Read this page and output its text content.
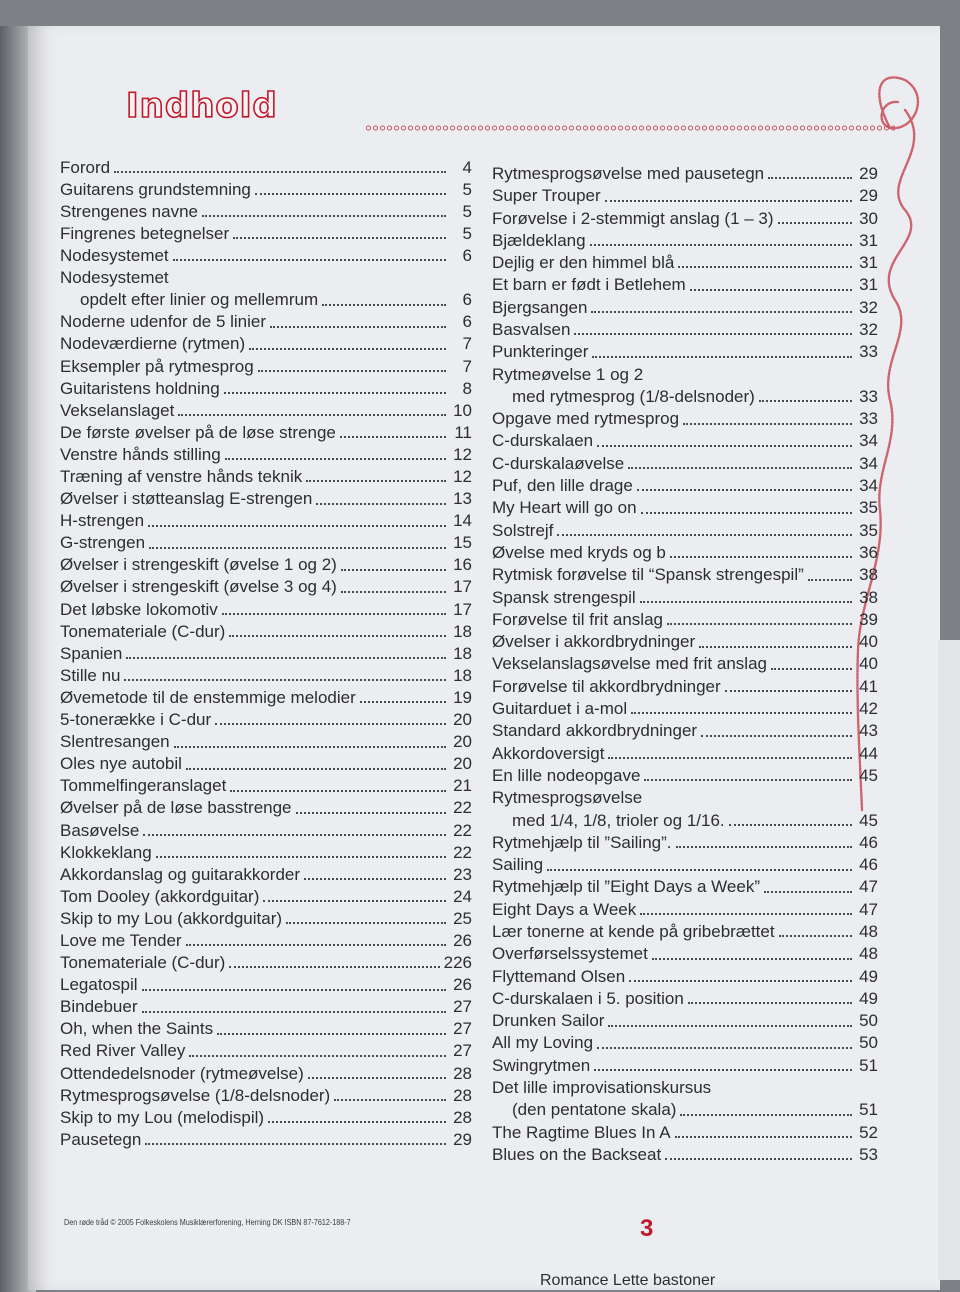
Indhold
Forord	4
Guitarens grundstemning	5
Strengenes navne	5
Fingrenes betegnelser	5
Nodesystemet	6
Nodesystemet
opdelt efter linier og mellemrum	6
Noderne udenfor de 5 linier	6
Nodeværdierne (rytmen)	7
Eksempler på rytmesprog	7
Guitaristens holdning	8
Vekselanslaget	10
De første øvelser på de løse strenge	11
Venstre hånds stilling	12
Træning af venstre hånds teknik	12
Øvelser i støtteanslag E-strengen	13
H-strengen	14
G-strengen	15
Øvelser i strengeskift (øvelse 1 og 2)	16
Øvelser i strengeskift (øvelse 3 og 4)	17
Det løbske lokomotiv	17
Tonemateriale (C-dur)	18
Spanien	18
Stille nu	18
Øvemetode til de enstemmige melodier	19
5-tonerække i C-dur	20
Slentresangen	20
Oles nye autobil	20
Tommelfingeranslaget	21
Øvelser på de løse basstrenge	22
Basøvelse	22
Klokkeklang	22
Akkordanslag og guitarakkorder	23
Tom Dooley (akkordguitar)	24
Skip to my Lou (akkordguitar)	25
Love me Tender	26
Tonemateriale (C-dur)	226
Legatospil	26
Bindebuer	27
Oh, when the Saints	27
Red River Valley	27
Ottendedelsnoder (rytmeøvelse)	28
Rytmesprogsøvelse (1/8-delsnoder)	28
Skip to my Lou (melodispil)	28
Pausetegn	29
Rytmesprogsøvelse med pausetegn	29
Super Trouper	29
Forøvelse i 2-stemmigt anslag (1 – 3)	30
Bjældeklang	31
Dejlig er den himmel blå	31
Et barn er født i Betlehem	31
Bjergsangen	32
Basvalsen	32
Punkteringer	33
Rytmeøvelse 1 og 2
med rytmesprog (1/8-delsnoder)	33
Opgave med rytmesprog	33
C-durskalaen	34
C-durskalaøvelse	34
Puf, den lille drage	34
My Heart will go on	35
Solstrejf	35
Øvelse med kryds og b	36
Rytmisk forøvelse til “Spansk strengespil”	38
Spansk strengespil	38
Forøvelse til frit anslag	39
Øvelser i akkordbrydninger	40
Vekselanslagsøvelse med frit anslag	40
Forøvelse til akkordbrydninger	41
Guitarduet i a-mol	42
Standard akkordbrydninger	43
Akkordoversigt	44
En lille nodeopgave	45
Rytmesprogsøvelse
med 1/4, 1/8, trioler og 1/16.	45
Rytmehjælp til ”Sailing”.	46
Sailing	46
Rytmehjælp til ”Eight Days a Week”	47
Eight Days a Week	47
Lær tonerne at kende på gribebrættet	48
Overførselssystemet	48
Flyttemand Olsen	49
C-durskalaen i 5. position	49
Drunken Sailor	50
All my Loving	50
Swingrytmen	51
Det lille improvisationskursus
(den pentatone skala)	51
The Ragtime Blues In A	52
Blues on the Backseat	53
Den røde tråd © 2005 Folkeskolens Musiklærerforening, Herning DK ISBN 87-7612-188-7	3
Romance Lette bastoner
